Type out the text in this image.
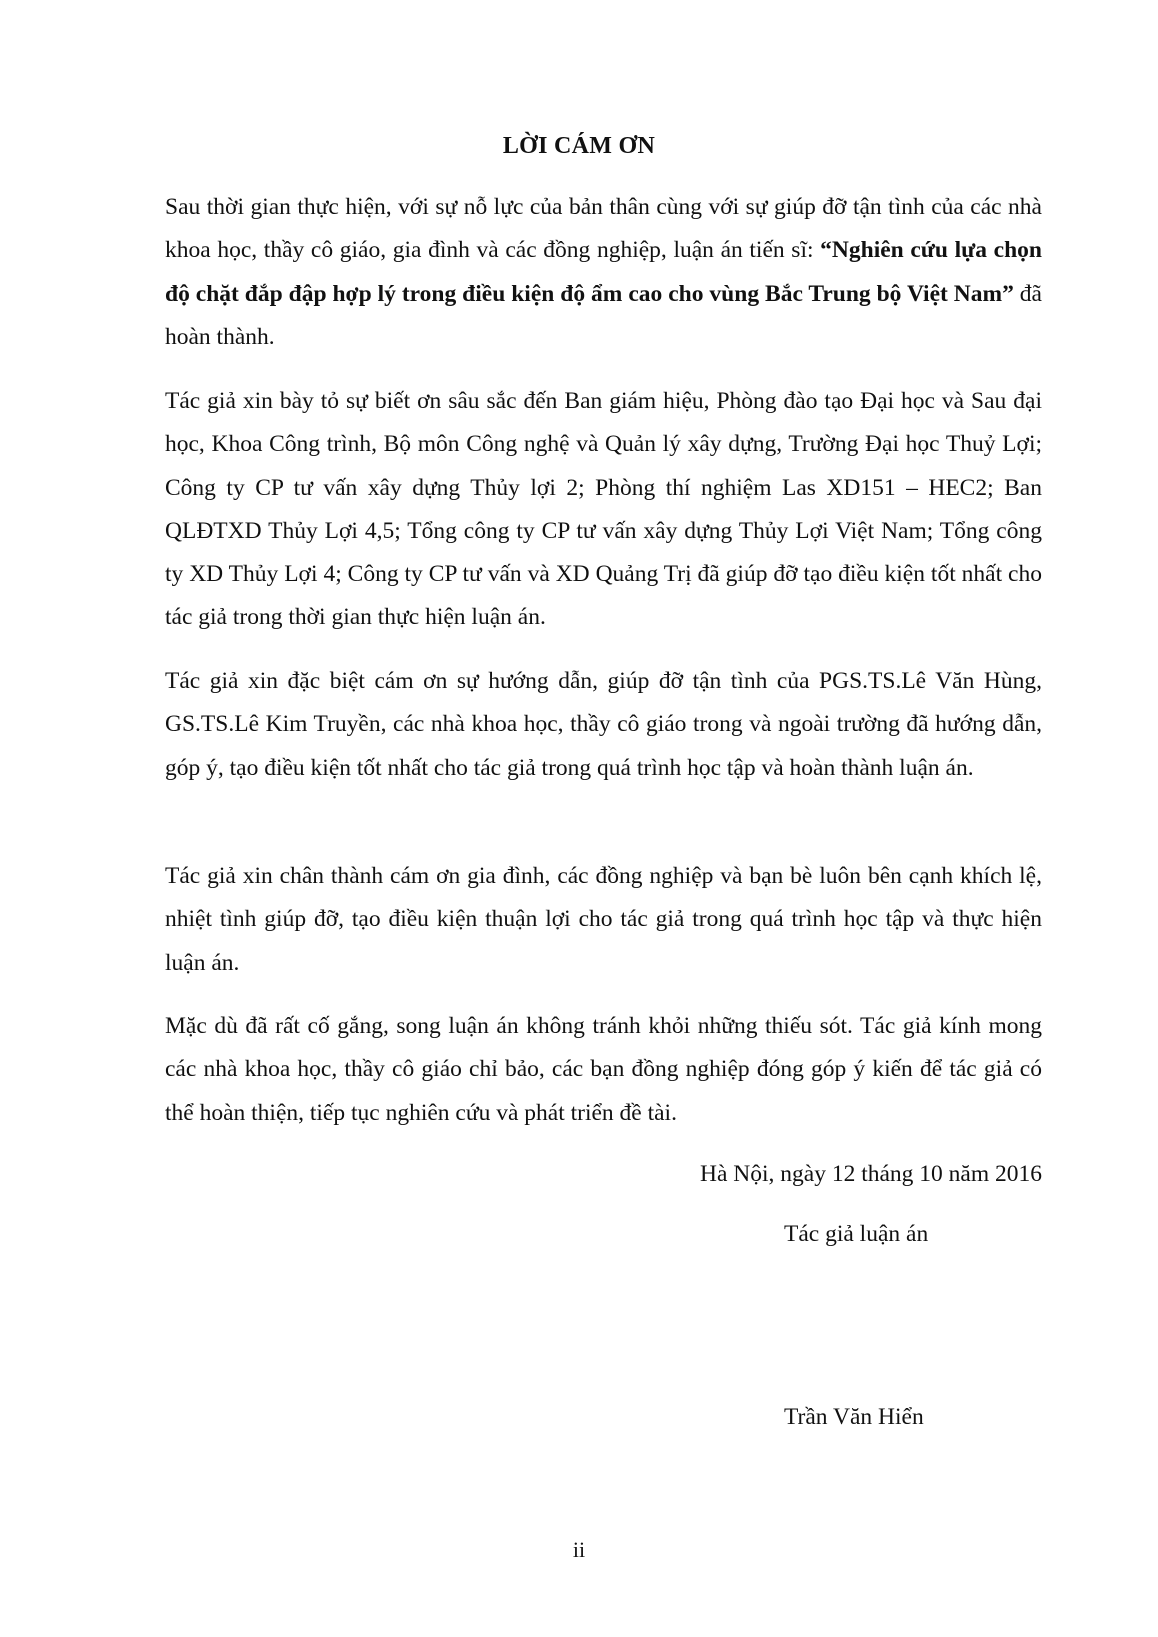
LỜI CÁM ƠN

Sau thời gian thực hiện, với sự nỗ lực của bản thân cùng với sự giúp đỡ tận tình của các nhà khoa học, thầy cô giáo, gia đình và các đồng nghiệp, luận án tiến sĩ: “Nghiên cứu lựa chọn độ chặt đắp đập hợp lý trong điều kiện độ ẩm cao cho vùng Bắc Trung bộ Việt Nam” đã hoàn thành.

Tác giả xin bày tỏ sự biết ơn sâu sắc đến Ban giám hiệu, Phòng đào tạo Đại học và Sau đại học, Khoa Công trình, Bộ môn Công nghệ và Quản lý xây dựng, Trường Đại học Thuỷ Lợi; Công ty CP tư vấn xây dựng Thủy lợi 2; Phòng thí nghiệm Las XD151 – HEC2; Ban QLĐTXD Thủy Lợi 4,5; Tổng công ty CP tư vấn xây dựng Thủy Lợi Việt Nam; Tổng công ty XD Thủy Lợi 4; Công ty CP tư vấn và XD Quảng Trị đã giúp đỡ tạo điều kiện tốt nhất cho tác giả trong thời gian thực hiện luận án.

Tác giả xin đặc biệt cám ơn sự hướng dẫn, giúp đỡ tận tình của PGS.TS.Lê Văn Hùng, GS.TS.Lê Kim Truyền, các nhà khoa học, thầy cô giáo trong và ngoài trường đã hướng dẫn, góp ý, tạo điều kiện tốt nhất cho tác giả trong quá trình học tập và hoàn thành luận án.

Tác giả xin chân thành cám ơn gia đình, các đồng nghiệp và bạn bè luôn bên cạnh khích lệ, nhiệt tình giúp đỡ, tạo điều kiện thuận lợi cho tác giả trong quá trình học tập và thực hiện luận án.

Mặc dù đã rất cố gắng, song luận án không tránh khỏi những thiếu sót. Tác giả kính mong các nhà khoa học, thầy cô giáo chỉ bảo, các bạn đồng nghiệp đóng góp ý kiến để tác giả có thể hoàn thiện, tiếp tục nghiên cứu và phát triển đề tài.

Hà Nội, ngày 12 tháng 10 năm 2016
Tác giả luận án
Trần Văn Hiển
ii
